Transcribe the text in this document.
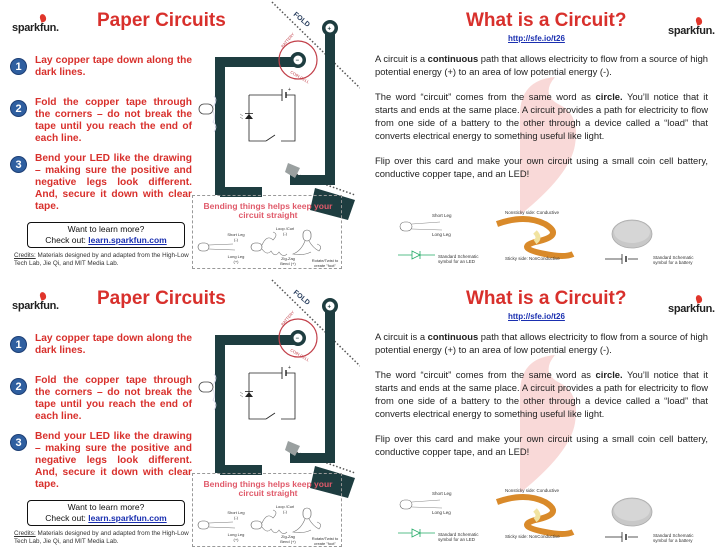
sparkfun. Paper Circuits
1
Lay copper tape down along the dark lines.
2
Fold the copper tape through the corners – do not break the tape until you reach the end of each line.
3
Bend your LED like the drawing – making sure the positive and negative legs look different. And, secure it down with clear tape.
Want to learn more?
Check out: learn.sparkfun.com
Credits: Materials designed by and adapted from the High-Low Tech Lab, Jie Qi, and MIT Media Lab.
FOLD
−
+
BATTERY
COIN CELL
+
Bending things helps keep your circuit straight
Short Leg (-)
Long Leg (+)
Loop /Curl (-)
Zig-Zag Bend (+)
Rotate/Twist to create "foot"
What is a Circuit?
http://sfe.io/t26
sparkfun.

A circuit is a continuous path that allows electricity to flow from a source of high potential energy (+) to an area of low potential energy (-).

The word “circuit” comes from the same word as circle. You’ll notice that it starts and ends at the same place. A circuit provides a path for electricity to flow from one side of a battery to the other through a device called a “load” that converts electrical energy to something useful like light.

Flip over this card and make your own circuit using a small coin cell battery, conductive copper tape, and an LED!

Short Leg
Long Leg
Standard Schematic symbol for an LED
Nonsticky side: Conductive
Sticky side: NonConductive	Standard Schematic symbol for a battery
sparkfun. Paper Circuits
1
Lay copper tape down along the dark lines.
2
Fold the copper tape through the corners – do not break the tape until you reach the end of each line.
3
Bend your LED like the drawing – making sure the positive and negative legs look different. And, secure it down with clear tape.
Want to learn more?
Check out: learn.sparkfun.com
Credits: Materials designed by and adapted from the High-Low Tech Lab, Jie Qi, and MIT Media Lab.
FOLD
−
+
BATTERY
COIN CELL
+
Bending things helps keep your circuit straight
Short Leg (-)
Long Leg (+)
Loop /Curl (-)
Zig-Zag Bend (+)
Rotate/Twist to create "foot"
What is a Circuit?
http://sfe.io/t26
sparkfun.

A circuit is a continuous path that allows electricity to flow from a source of high potential energy (+) to an area of low potential energy (-).

The word “circuit” comes from the same word as circle. You’ll notice that it starts and ends at the same place. A circuit provides a path for electricity to flow from one side of a battery to the other through a device called a “load” that converts electrical energy to something useful like light.

Flip over this card and make your own circuit using a small coin cell battery, conductive copper tape, and an LED!

Short Leg
Long Leg
Standard Schematic symbol for an LED
Nonsticky side: Conductive
Sticky side: NonConductive	Standard Schematic symbol for a battery
